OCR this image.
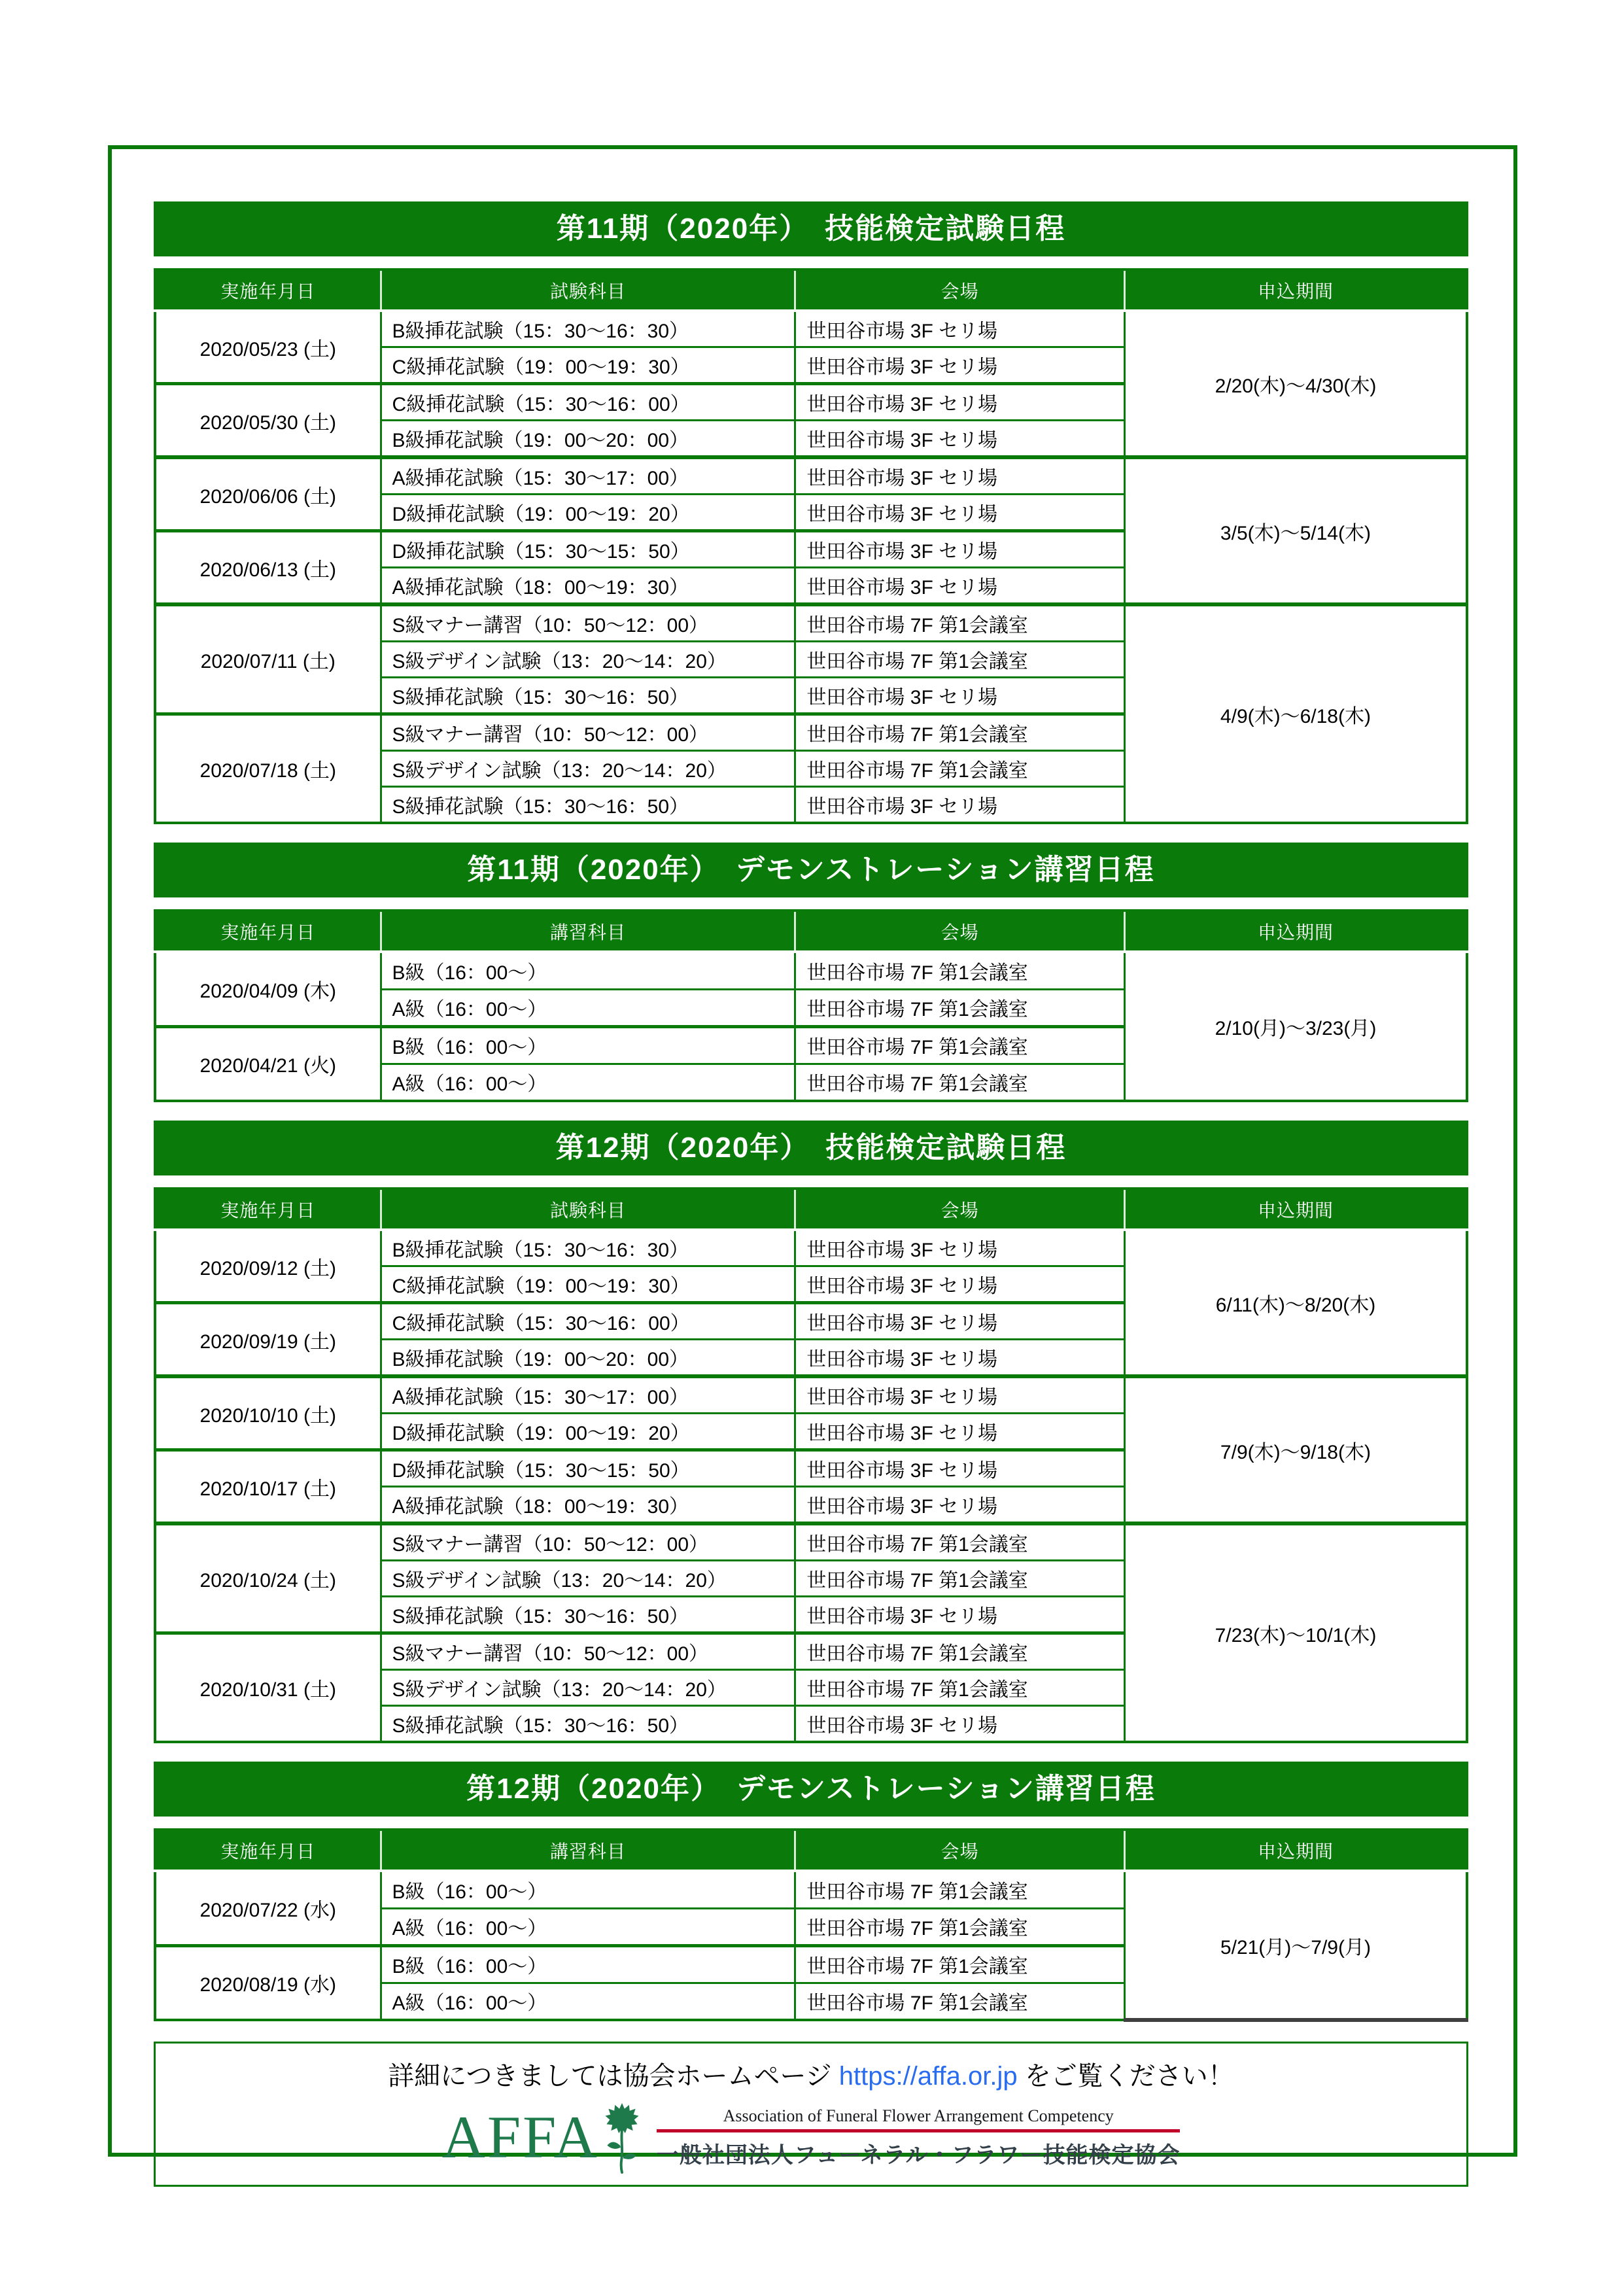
第11期（2020年）　技能検定試験日程
実施年月日	試験科目	会場	申込期間
2020/05/23 (土)	B級挿花試験（15：30～16：30）	世田谷市場 3F セリ場	2/20(木)～4/30(木)
	C級挿花試験（19：00～19：30）	世田谷市場 3F セリ場	
2020/05/30 (土)	C級挿花試験（15：30～16：00）	世田谷市場 3F セリ場	
	B級挿花試験（19：00～20：00）	世田谷市場 3F セリ場	
2020/06/06 (土)	A級挿花試験（15：30～17：00）	世田谷市場 3F セリ場	3/5(木)～5/14(木)
	D級挿花試験（19：00～19：20）	世田谷市場 3F セリ場	
2020/06/13 (土)	D級挿花試験（15：30～15：50）	世田谷市場 3F セリ場	
	A級挿花試験（18：00～19：30）	世田谷市場 3F セリ場	
2020/07/11 (土)	S級マナー講習（10：50～12：00）	世田谷市場 7F 第1会議室	4/9(木)～6/18(木)
	S級デザイン試験（13：20～14：20）	世田谷市場 7F 第1会議室	
	S級挿花試験（15：30～16：50）	世田谷市場 3F セリ場	
2020/07/18 (土)	S級マナー講習（10：50～12：00）	世田谷市場 7F 第1会議室	
	S級デザイン試験（13：20～14：20）	世田谷市場 7F 第1会議室	
	S級挿花試験（15：30～16：50）	世田谷市場 3F セリ場	
第11期（2020年）　デモンストレーション講習日程
実施年月日	講習科目	会場	申込期間
2020/04/09 (木)	B級（16：00～）	世田谷市場 7F 第1会議室	2/10(月)～3/23(月)
	A級（16：00～）	世田谷市場 7F 第1会議室	
2020/04/21 (火)	B級（16：00～）	世田谷市場 7F 第1会議室	
	A級（16：00～）	世田谷市場 7F 第1会議室	
第12期（2020年）　技能検定試験日程
実施年月日	試験科目	会場	申込期間
2020/09/12 (土)	B級挿花試験（15：30～16：30）	世田谷市場 3F セリ場	6/11(木)～8/20(木)
	C級挿花試験（19：00～19：30）	世田谷市場 3F セリ場	
2020/09/19 (土)	C級挿花試験（15：30～16：00）	世田谷市場 3F セリ場	
	B級挿花試験（19：00～20：00）	世田谷市場 3F セリ場	
2020/10/10 (土)	A級挿花試験（15：30～17：00）	世田谷市場 3F セリ場	7/9(木)～9/18(木)
	D級挿花試験（19：00～19：20）	世田谷市場 3F セリ場	
2020/10/17 (土)	D級挿花試験（15：30～15：50）	世田谷市場 3F セリ場	
	A級挿花試験（18：00～19：30）	世田谷市場 3F セリ場	
2020/10/24 (土)	S級マナー講習（10：50～12：00）	世田谷市場 7F 第1会議室	7/23(木)～10/1(木)
	S級デザイン試験（13：20～14：20）	世田谷市場 7F 第1会議室	
	S級挿花試験（15：30～16：50）	世田谷市場 3F セリ場	
2020/10/31 (土)	S級マナー講習（10：50～12：00）	世田谷市場 7F 第1会議室	
	S級デザイン試験（13：20～14：20）	世田谷市場 7F 第1会議室	
	S級挿花試験（15：30～16：50）	世田谷市場 3F セリ場	
第12期（2020年）　デモンストレーション講習日程
実施年月日	講習科目	会場	申込期間
2020/07/22 (水)	B級（16：00～）	世田谷市場 7F 第1会議室	5/21(月)～7/9(月)
	A級（16：00～）	世田谷市場 7F 第1会議室	
2020/08/19 (水)	B級（16：00～）	世田谷市場 7F 第1会議室	
	A級（16：00～）	世田谷市場 7F 第1会議室	
詳細につきましては協会ホームページ https://affa.or.jp をご覧ください！
AFFA	Association of Funeral Flower Arrangement Competency
一般社団法人フューネラル・フラワー技能検定協会
